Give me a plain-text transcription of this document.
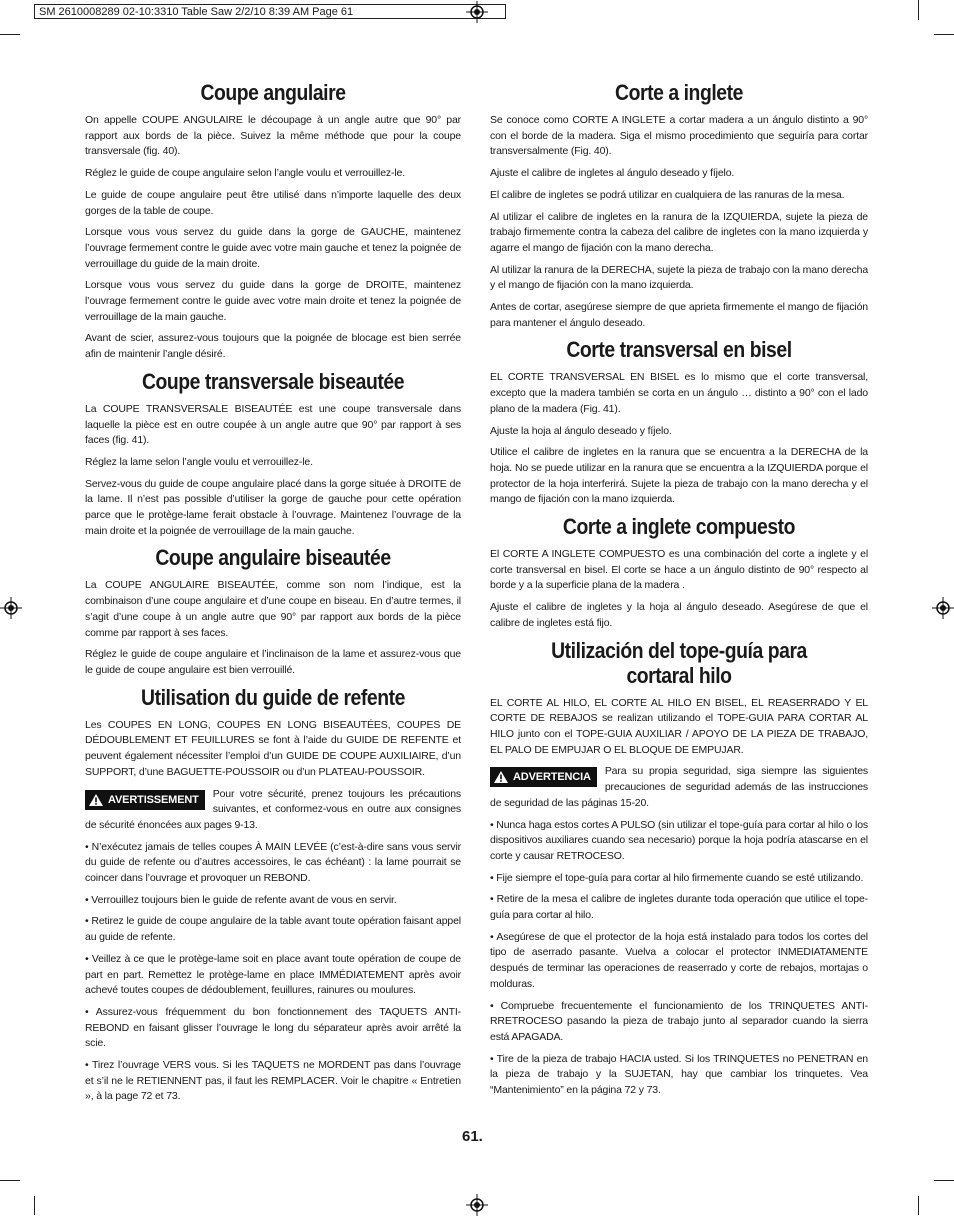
SM 2610008289 02-10:3310 Table Saw 2/2/10 8:39 AM Page 61
Coupe angulaire

On appelle COUPE ANGULAIRE le découpage à un angle autre que 90° par rapport aux bords de la pièce. Suivez la même méthode que pour la coupe transversale (fig. 40).

Réglez le guide de coupe angulaire selon l’angle voulu et verrouillez-le.

Le guide de coupe angulaire peut être utilisé dans n’importe laquelle des deux gorges de la table de coupe.

Lorsque vous vous servez du guide dans la gorge de GAUCHE, maintenez l’ouvrage fermement contre le guide avec votre main gauche et tenez la poignée de verrouillage du guide de la main droite.

Lorsque vous vous servez du guide dans la gorge de DROITE, maintenez l’ouvrage fermement contre le guide avec votre main droite et tenez la poignée de verrouillage de la main gauche.

Avant de scier, assurez-vous toujours que la poignée de blocage est bien serrée afin de maintenir l’angle désiré.

Coupe transversale biseautée

La COUPE TRANSVERSALE BISEAUTÉE est une coupe transversale dans laquelle la pièce est en outre coupée à un angle autre que 90° par rapport à ses faces (fig. 41).

Réglez la lame selon l’angle voulu et verrouillez-le.

Servez-vous du guide de coupe angulaire placé dans la gorge située à DROITE de la lame. Il n’est pas possible d’utiliser la gorge de gauche pour cette opération parce que le protège-lame ferait obstacle à l’ouvrage. Maintenez l’ouvrage de la main droite et la poignée de verrouillage de la main gauche.

Coupe angulaire biseautée

La COUPE ANGULAIRE BISEAUTÉE, comme son nom l’indique, est la combinaison d’une coupe angulaire et d’une coupe en biseau. En d’autre termes, il s’agit d’une coupe à un angle autre que 90° par rapport aux bords de la pièce comme par rapport à ses faces.

Réglez le guide de coupe angulaire et l’inclinaison de la lame et assurez-vous que le guide de coupe angulaire est bien verrouillé.

Utilisation du guide de refente

Les COUPES EN LONG, COUPES EN LONG BISEAUTÉES, COUPES DE DÉDOUBLEMENT ET FEUILLURES se font à l’aide du GUIDE DE REFENTE et peuvent également nécessiter l’emploi d’un GUIDE DE COUPE AUXILIAIRE, d’un SUPPORT, d’une BAGUETTE-POUSSOIR ou d’un PLATEAU-POUSSOIR.

AVERTISSEMENT Pour votre sécurité, prenez toujours les précautions suivantes, et conformez-vous en outre aux consignes de sécurité énoncées aux pages 9-13.

• N’exécutez jamais de telles coupes À MAIN LEVÉE (c’est-à-dire sans vous servir du guide de refente ou d’autres accessoires, le cas échéant) : la lame pourrait se coincer dans l’ouvrage et provoquer un REBOND.

• Verrouillez toujours bien le guide de refente avant de vous en servir.

• Retirez le guide de coupe angulaire de la table avant toute opération faisant appel au guide de refente.

• Veillez à ce que le protège-lame soit en place avant toute opération de coupe de part en part. Remettez le protège-lame en place IMMÉDIATEMENT après avoir achevé toutes coupes de dédoublement, feuillures, rainures ou moulures.

• Assurez-vous fréquemment du bon fonctionnement des TAQUETS ANTI-REBOND en faisant glisser l’ouvrage le long du séparateur après avoir arrêté la scie.

• Tirez l’ouvrage VERS vous. Si les TAQUETS ne MORDENT pas dans l’ouvrage et s’il ne le RETIENNENT pas, il faut les REMPLACER. Voir le chapitre « Entretien », à la page 72 et 73.

Corte a inglete

Se conoce como CORTE A INGLETE a cortar madera a un ángulo distinto a 90° con el borde de la madera. Siga el mismo procedimiento que seguiría para cortar transversalmente (Fig. 40).

Ajuste el calibre de ingletes al ángulo deseado y fíjelo.

El calibre de ingletes se podrá utilizar en cualquiera de las ranuras de la mesa.

Al utilizar el calibre de ingletes en la ranura de la IZQUIERDA, sujete la pieza de trabajo firmemente contra la cabeza del calibre de ingletes con la mano izquierda y agarre el mango de fijación con la mano derecha.

Al utilizar la ranura de la DERECHA, sujete la pieza de trabajo con la mano derecha y el mango de fijación con la mano izquierda.

Antes de cortar, asegúrese siempre de que aprieta firmemente el mango de fijación para mantener el ángulo deseado.

Corte transversal en bisel

EL CORTE TRANSVERSAL EN BISEL es lo mismo que el corte transversal, excepto que la madera también se corta en un ángulo … distinto a 90° con el lado plano de la madera (Fig. 41).

Ajuste la hoja al ángulo deseado y fíjelo.

Utilice el calibre de ingletes en la ranura que se encuentra a la DERECHA de la hoja. No se puede utilizar en la ranura que se encuentra a la IZQUIERDA porque el protector de la hoja interferirá. Sujete la pieza de trabajo con la mano derecha y el mango de fijación con la mano izquierda.

Corte a inglete compuesto

El CORTE A INGLETE COMPUESTO es una combinación del corte a inglete y el corte transversal en bisel. El corte se hace a un ángulo distinto de 90° respecto al borde y a la superficie plana de la madera .

Ajuste el calibre de ingletes y la hoja al ángulo deseado. Asegúrese de que el calibre de ingletes está fijo.

Utilización del tope-guía para
cortaral hilo

EL CORTE AL HILO, EL CORTE AL HILO EN BISEL, EL REASERRADO Y EL CORTE DE REBAJOS se realizan utilizando el TOPE-GUIA PARA CORTAR AL HILO junto con el TOPE-GUIA AUXILIAR / APOYO DE LA PIEZA DE TRABAJO, EL PALO DE EMPUJAR O EL BLOQUE DE EMPUJAR.

ADVERTENCIA Para su propia seguridad, siga siempre las siguientes precauciones de seguridad además de las instrucciones de seguridad de las páginas 15-20.

• Nunca haga estos cortes A PULSO (sin utilizar el tope-guía para cortar al hilo o los dispositivos auxiliares cuando sea necesario) porque la hoja podría atascarse en el corte y causar RETROCESO.

• Fije siempre el tope-guía para cortar al hilo firmemente cuando se esté utilizando.

• Retire de la mesa el calibre de ingletes durante toda operación que utilice el tope-guía para cortar al hilo.

• Asegúrese de que el protector de la hoja está instalado para todos los cortes del tipo de aserrado pasante. Vuelva a colocar el protector INMEDIATAMENTE después de terminar las operaciones de reaserrado y corte de rebajos, mortajas o molduras.

• Compruebe frecuentemente el funcionamiento de los TRINQUETES ANTI-RRETROCESO pasando la pieza de trabajo junto al separador cuando la sierra está APAGADA.

• Tire de la pieza de trabajo HACIA usted. Si los TRINQUETES no PENETRAN en la pieza de trabajo y la SUJETAN, hay que cambiar los trinquetes. Vea “Mantenimiento” en la página 72 y 73.

61.
